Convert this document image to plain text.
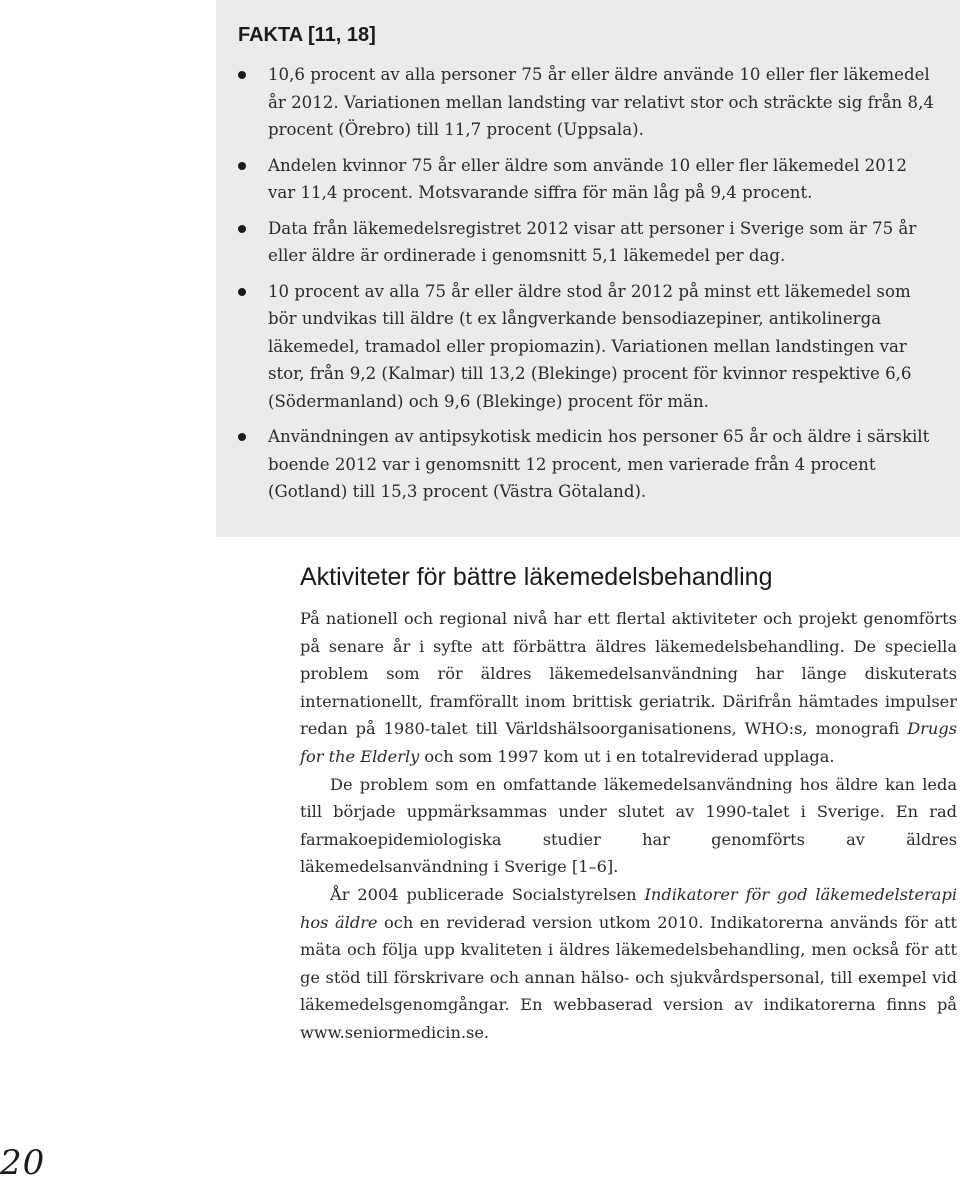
FAKTA [11, 18]
10,6 procent av alla personer 75 år eller äldre använde 10 eller fler läkemedel år 2012. Variationen mellan landsting var relativt stor och sträckte sig från 8,4 procent (Örebro) till 11,7 procent (Uppsala).
Andelen kvinnor 75 år eller äldre som använde 10 eller fler läkemedel 2012 var 11,4 procent. Motsvarande siffra för män låg på 9,4 procent.
Data från läkemedelsregistret 2012 visar att personer i Sverige som är 75 år eller äldre är ordinerade i genomsnitt 5,1 läkemedel per dag.
10 procent av alla 75 år eller äldre stod år 2012 på minst ett läkemedel som bör undvikas till äldre (t ex långverkande bensodiazepiner, antikolinerga läkemedel, tramadol eller propiomazin). Variationen mellan landstingen var stor, från 9,2 (Kalmar) till 13,2 (Blekinge) procent för kvinnor respektive 6,6 (Södermanland) och 9,6 (Blekinge) procent för män.
Användningen av antipsykotisk medicin hos personer 65 år och äldre i särskilt boende 2012 var i genomsnitt 12 procent, men varierade från 4 procent (Gotland) till 15,3 procent (Västra Götaland).
Aktiviteter för bättre läkemedelsbehandling

På nationell och regional nivå har ett flertal aktiviteter och projekt genomförts på senare år i syfte att förbättra äldres läkemedelsbehandling. De speciella problem som rör äldres läkemedelsanvändning har länge diskuterats internationellt, framförallt inom brittisk geriatrik. Därifrån hämtades impulser redan på 1980-talet till Världshälsoorganisationens, WHO:s, monografi Drugs for the Elderly och som 1997 kom ut i en totalreviderad upplaga.

De problem som en omfattande läkemedelsanvändning hos äldre kan leda till började uppmärksammas under slutet av 1990-talet i Sverige. En rad farmakoepidemiologiska studier har genomförts av äldres läkemedelsanvändning i Sverige [1–6].

År 2004 publicerade Socialstyrelsen Indikatorer för god läkemedelsterapi hos äldre och en reviderad version utkom 2010. Indikatorerna används för att mäta och följa upp kvaliteten i äldres läkemedelsbehandling, men också för att ge stöd till förskrivare och annan hälso- och sjukvårdspersonal, till exempel vid läkemedelsgenomgångar. En webbaserad version av indikatorerna finns på www.seniormedicin.se.

20
